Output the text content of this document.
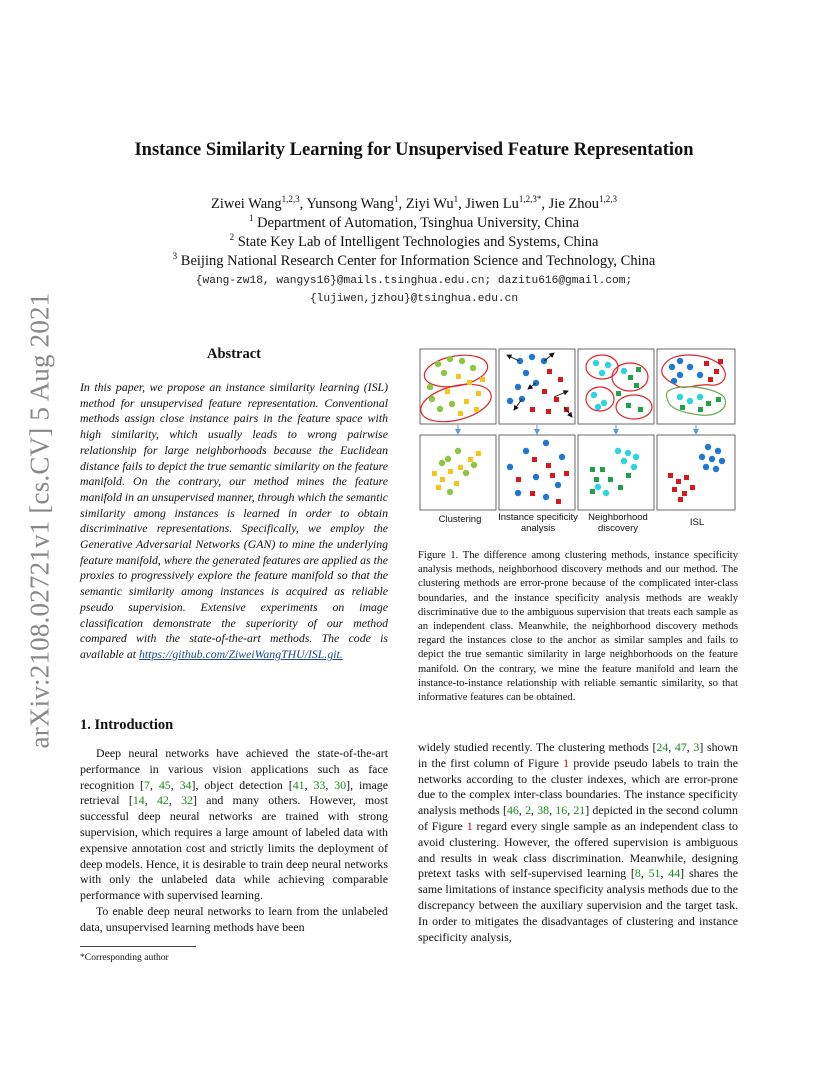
arXiv:2108.02721v1 [cs.CV] 5 Aug 2021
Instance Similarity Learning for Unsupervised Feature Representation
Ziwei Wang$^{1,2,3}$, Yunsong Wang$^1$, Ziyi Wu$^1$, Jiwen $Lu^{1,2,3*}$, Jie Zhou$^{1,2,3}$
$^1$ Department of Automation, Tsinghua University, China
$^2$ State Key Lab of Intelligent Technologies and Systems, China
$^3$ Beijing National Research Center for Information Science and Technology, China
{wang-zw18, wangys16}@mails.tsinghua.edu.cn; dazitu616@gmail.com;
{lujiwen,jzhou}@tsinghua.edu.cn
Abstract
In this paper, we propose an instance similarity learning (ISL) method for unsupervised feature representation. Conventional methods assign close instance pairs in the feature space with high similarity, which usually leads to wrong pairwise relationship for large neighborhoods because the Euclidean distance fails to depict the true semantic similarity on the feature manifold. On the contrary, our method mines the feature manifold in an unsupervised manner, through which the semantic similarity among instances is learned in order to obtain discriminative representations. Specifically, we employ the Generative Adversarial Networks (GAN) to mine the underlying feature manifold, where the generated features are applied as the proxies to progressively explore the feature manifold so that the semantic similarity among instances is acquired as reliable pseudo supervision. Extensive experiments on image classification demonstrate the superiority of our method compared with the state-of-the-art methods. The code is available at https://github.com/ZiweiWangTHU/ISL.git.
1. Introduction

Deep neural networks have achieved the state-of-the-art performance in various vision applications such as face recognition [7, 45, 34], object detection [41, 33, 30], image retrieval [14, 42, 32] and many others. However, most successful deep neural networks are trained with strong supervision, which requires a large amount of labeled data with expensive annotation cost and strictly limits the deployment of deep models. Hence, it is desirable to train deep neural networks with only the unlabeled data while achieving comparable performance with supervised learning.

To enable deep neural networks to learn from the unlabeled data, unsupervised learning methods have been

*Corresponding author
Clustering	Instance specificity analysis
Neighborhood discovery
ISL
Figure 1. The difference among clustering methods, instance specificity analysis methods, neighborhood discovery methods and our method. The clustering methods are error-prone because of the complicated inter-class boundaries, and the instance specificity analysis methods are weakly discriminative due to the ambiguous supervision that treats each sample as an independent class. Meanwhile, the neighborhood discovery methods regard the instances close to the anchor as similar samples and fails to depict the true semantic similarity in large neighborhoods on the feature manifold. On the contrary, we mine the feature manifold and learn the instance-to-instance relationship with reliable semantic similarity, so that informative features can be obtained.

widely studied recently. The clustering methods [24, 47, 3] shown in the first column of Figure 1 provide pseudo labels to train the networks according to the cluster indexes, which are error-prone due to the complex inter-class boundaries. The instance specificity analysis methods [46, 2, 38, 16, 21] depicted in the second column of Figure 1 regard every single sample as an independent class to avoid clustering. However, the offered supervision is ambiguous and results in weak class discrimination. Meanwhile, designing pretext tasks with self-supervised learning [8, 51, 44] shares the same limitations of instance specificity analysis methods due to the discrepancy between the auxiliary supervision and the target task. In order to mitigates the disadvantages of clustering and instance specificity analysis,
